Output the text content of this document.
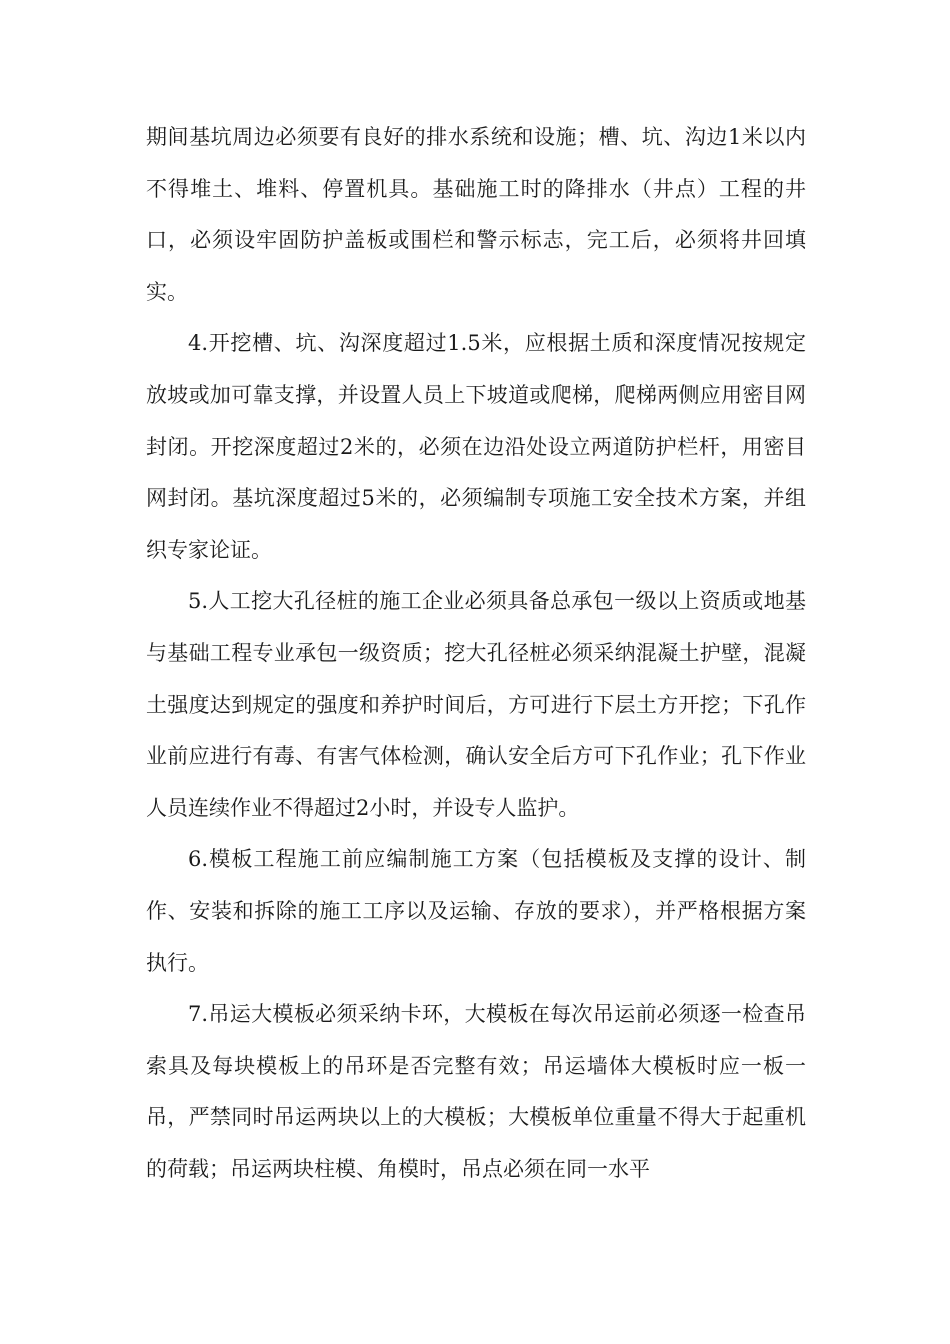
期间基坑周边必须要有良好的排水系统和设施；槽、坑、沟边1米以内不得堆土、堆料、停置机具。基础施工时的降排水（井点）工程的井口，必须设牢固防护盖板或围栏和警示标志，完工后，必须将井回填实。

4.开挖槽、坑、沟深度超过1.5米，应根据土质和深度情况按规定放坡或加可靠支撑，并设置人员上下坡道或爬梯，爬梯两侧应用密目网封闭。开挖深度超过2米的，必须在边沿处设立两道防护栏杆，用密目网封闭。基坑深度超过5米的，必须编制专项施工安全技术方案，并组织专家论证。

5.人工挖大孔径桩的施工企业必须具备总承包一级以上资质或地基与基础工程专业承包一级资质；挖大孔径桩必须采纳混凝土护壁，混凝土强度达到规定的强度和养护时间后，方可进行下层土方开挖；下孔作业前应进行有毒、有害气体检测，确认安全后方可下孔作业；孔下作业人员连续作业不得超过2小时，并设专人监护。

6.模板工程施工前应编制施工方案（包括模板及支撑的设计、制作、安装和拆除的施工工序以及运输、存放的要求），并严格根据方案执行。

7.吊运大模板必须采纳卡环，大模板在每次吊运前必须逐一检查吊索具及每块模板上的吊环是否完整有效；吊运墙体大模板时应一板一吊，严禁同时吊运两块以上的大模板；大模板单位重量不得大于起重机的荷载；吊运两块柱模、角模时，吊点必须在同一水平
